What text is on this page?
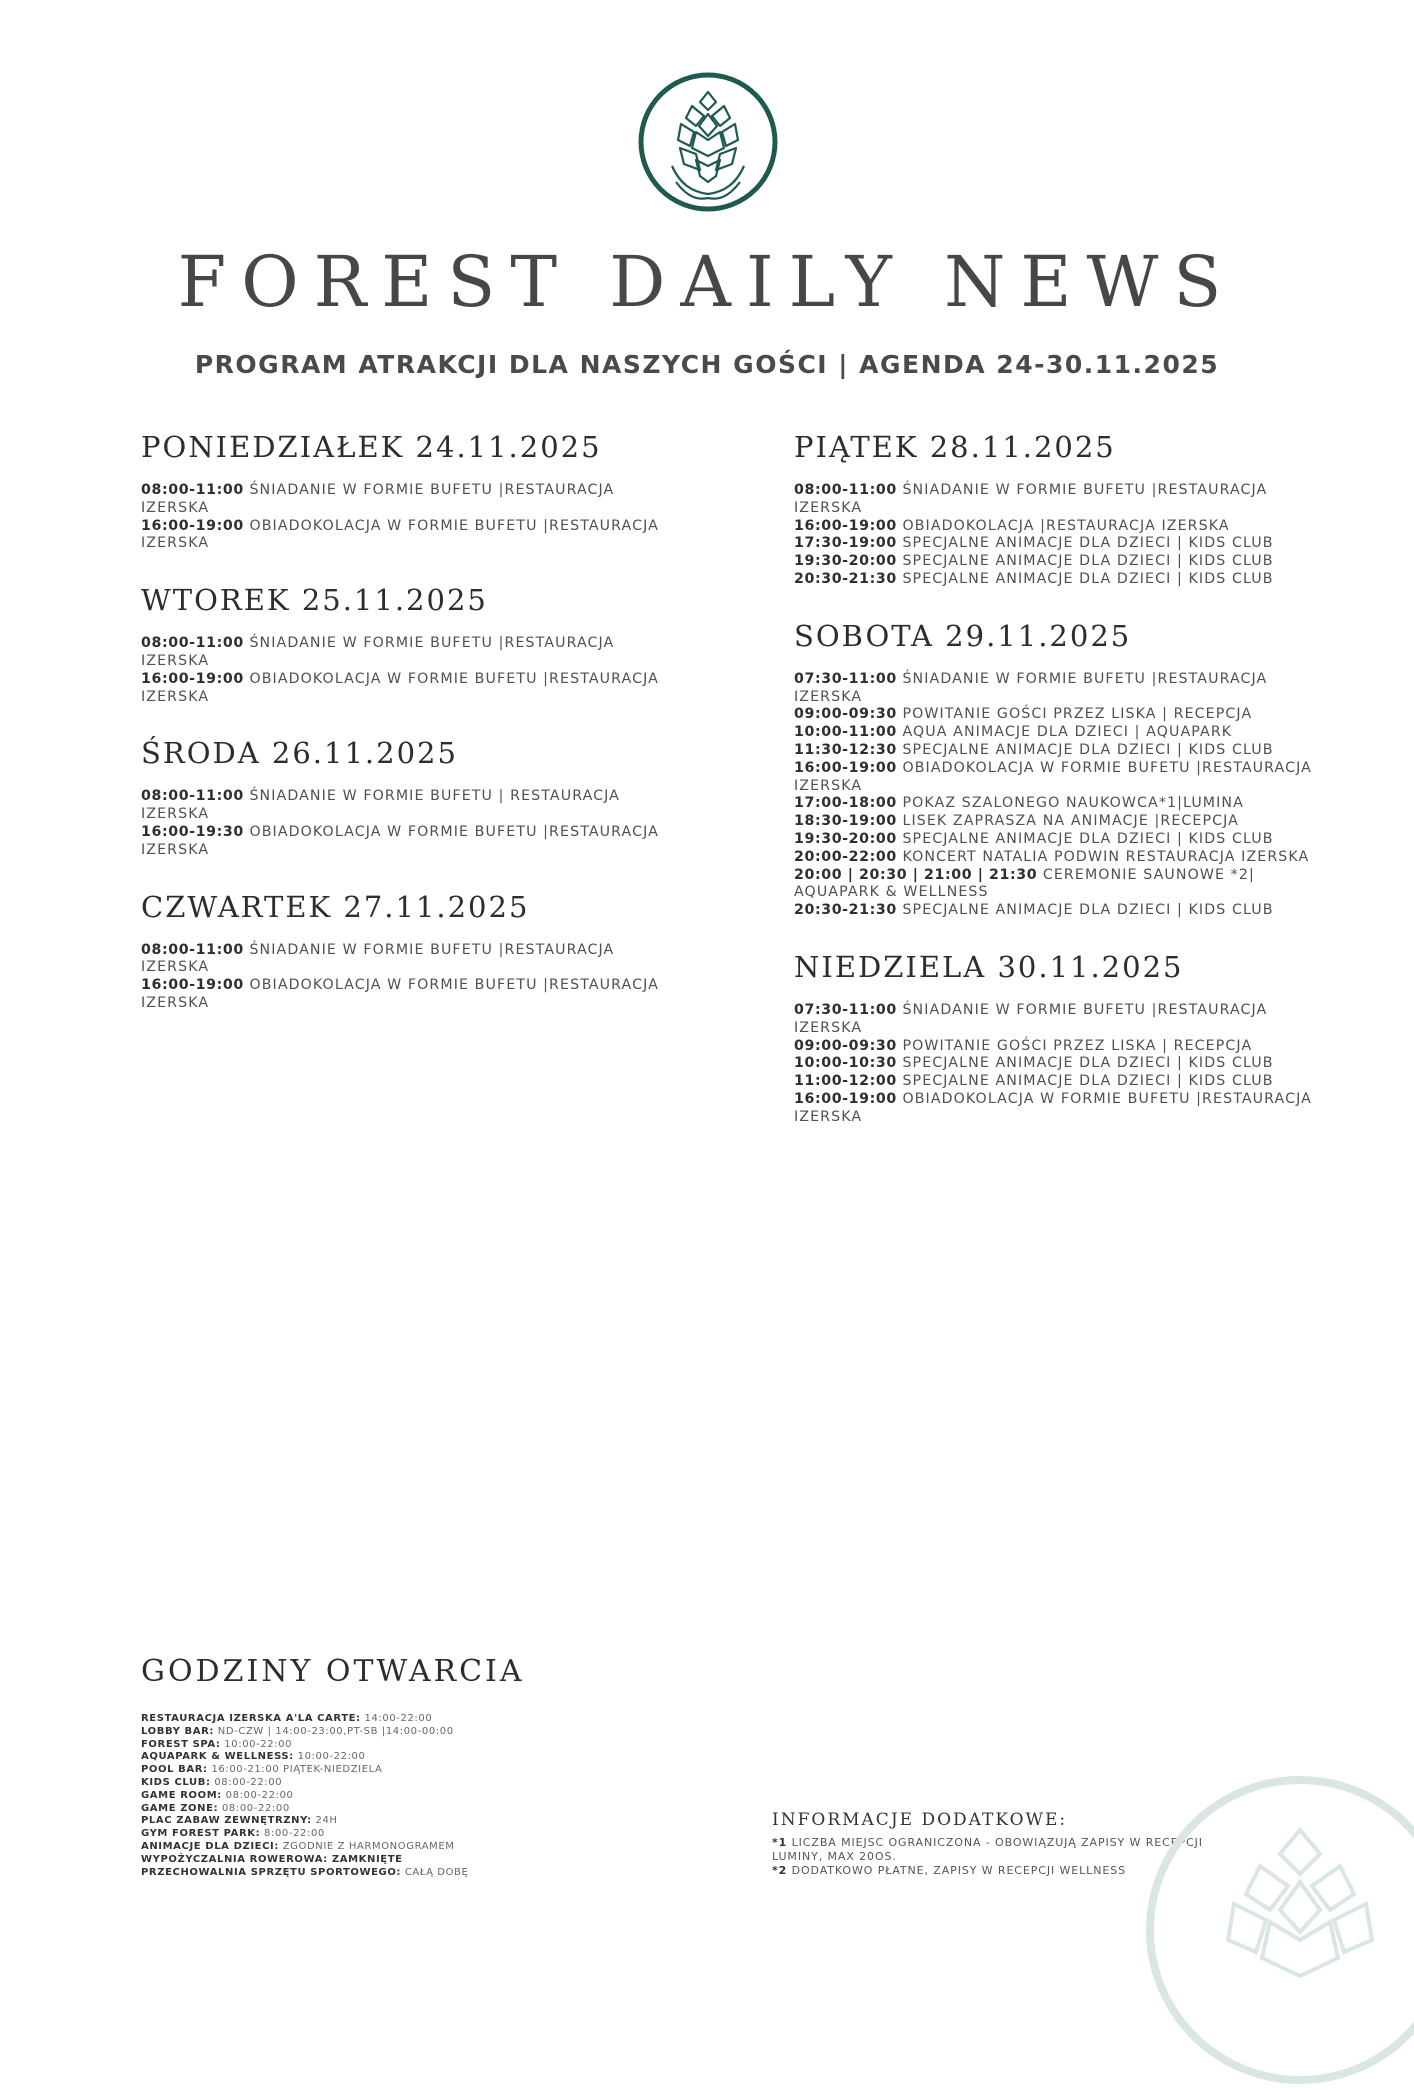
FOREST DAILY NEWS
PROGRAM ATRAKCJI DLA NASZYCH GOŚCI | AGENDA 24-30.11.2025
PONIEDZIAŁEK 24.11.2025
08:00-11:00 ŚNIADANIE W FORMIE BUFETU |RESTAURACJA IZERSKA
16:00-19:00 OBIADOKOLACJA W FORMIE BUFETU |RESTAURACJA IZERSKA
WTOREK 25.11.2025
08:00-11:00 ŚNIADANIE W FORMIE BUFETU |RESTAURACJA IZERSKA
16:00-19:00 OBIADOKOLACJA W FORMIE BUFETU |RESTAURACJA IZERSKA
ŚRODA 26.11.2025
08:00-11:00 ŚNIADANIE W FORMIE BUFETU | RESTAURACJA IZERSKA
16:00-19:30 OBIADOKOLACJA W FORMIE BUFETU |RESTAURACJA IZERSKA
CZWARTEK 27.11.2025
08:00-11:00 ŚNIADANIE W FORMIE BUFETU |RESTAURACJA IZERSKA
16:00-19:00 OBIADOKOLACJA W FORMIE BUFETU |RESTAURACJA IZERSKA
PIĄTEK 28.11.2025
08:00-11:00 ŚNIADANIE W FORMIE BUFETU |RESTAURACJA IZERSKA
16:00-19:00 OBIADOKOLACJA |RESTAURACJA IZERSKA
17:30-19:00 SPECJALNE ANIMACJE DLA DZIECI | KIDS CLUB
19:30-20:00 SPECJALNE ANIMACJE DLA DZIECI | KIDS CLUB
20:30-21:30 SPECJALNE ANIMACJE DLA DZIECI | KIDS CLUB
SOBOTA 29.11.2025
07:30-11:00 ŚNIADANIE W FORMIE BUFETU |RESTAURACJA IZERSKA
09:00-09:30 POWITANIE GOŚCI PRZEZ LISKA | RECEPCJA
10:00-11:00 AQUA ANIMACJE DLA DZIECI | AQUAPARK
11:30-12:30 SPECJALNE ANIMACJE DLA DZIECI | KIDS CLUB
16:00-19:00 OBIADOKOLACJA W FORMIE BUFETU |RESTAURACJA IZERSKA
17:00-18:00 POKAZ SZALONEGO NAUKOWCA*1|LUMINA
18:30-19:00 LISEK ZAPRASZA NA ANIMACJE |RECEPCJA
19:30-20:00 SPECJALNE ANIMACJE DLA DZIECI | KIDS CLUB
20:00-22:00 KONCERT NATALIA PODWIN RESTAURACJA IZERSKA
20:00 | 20:30 | 21:00 | 21:30 CEREMONIE SAUNOWE *2| AQUAPARK & WELLNESS
20:30-21:30 SPECJALNE ANIMACJE DLA DZIECI | KIDS CLUB
NIEDZIELA 30.11.2025
07:30-11:00 ŚNIADANIE W FORMIE BUFETU |RESTAURACJA IZERSKA
09:00-09:30 POWITANIE GOŚCI PRZEZ LISKA | RECEPCJA
10:00-10:30 SPECJALNE ANIMACJE DLA DZIECI | KIDS CLUB
11:00-12:00 SPECJALNE ANIMACJE DLA DZIECI | KIDS CLUB
16:00-19:00 OBIADOKOLACJA W FORMIE BUFETU |RESTAURACJA IZERSKA
GODZINY OTWARCIA
RESTAURACJA IZERSKA A'LA CARTE: 14:00-22:00
LOBBY BAR: ND-CZW | 14:00-23:00,PT-SB |14:00-00:00
FOREST SPA: 10:00-22:00
AQUAPARK & WELLNESS: 10:00-22:00
POOL BAR: 16:00-21:00 PIĄTEK-NIEDZIELA
KIDS CLUB: 08:00-22:00
GAME ROOM: 08:00-22:00
GAME ZONE: 08:00-22:00
PLAC ZABAW ZEWNĘTRZNY: 24H
GYM FOREST PARK: 8:00-22:00
ANIMACJE DLA DZIECI: ZGODNIE Z HARMONOGRAMEM
WYPOŻYCZALNIA ROWEROWA: ZAMKNIĘTE
PRZECHOWALNIA SPRZĘTU SPORTOWEGO: CAŁĄ DOBĘ
INFORMACJE DODATKOWE:
*1 LICZBA MIEJSC OGRANICZONA - OBOWIĄZUJĄ ZAPISY W RECEPCJI LUMINY, MAX 20OS.
*2 DODATKOWO PŁATNE, ZAPISY W RECEPCJI WELLNESS
